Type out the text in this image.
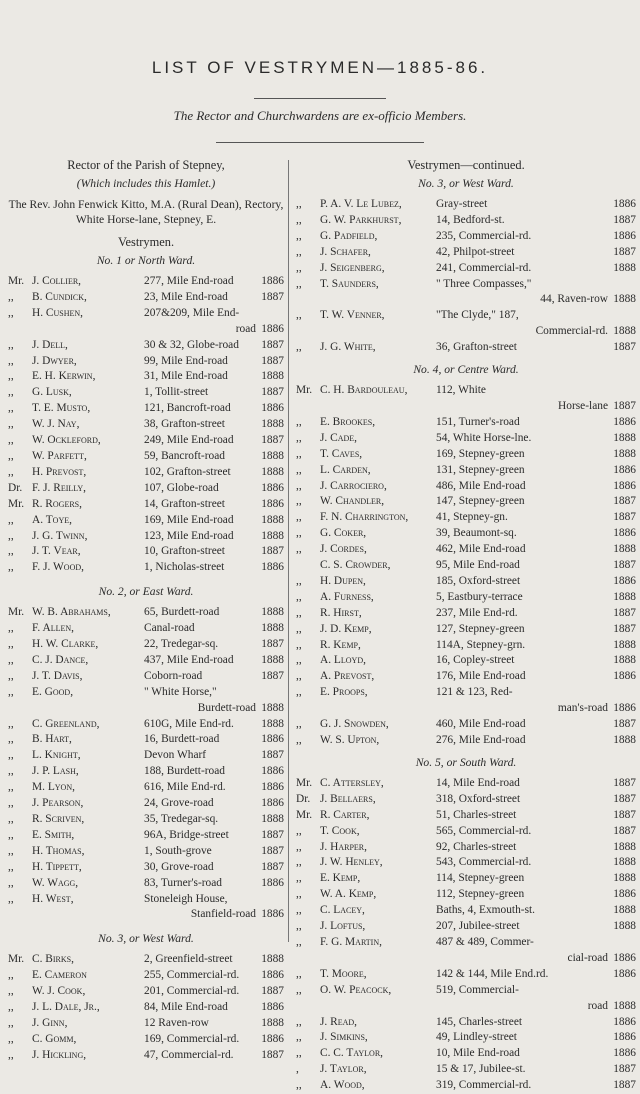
LIST OF VESTRYMEN—1885-86.
The Rector and Churchwardens are ex-officio Members.
Rector of the Parish of Stepney,
(Which includes this Hamlet.)
The Rev. John Fenwick Kitto, M.A. (Rural Dean), Rectory, White Horse-lane, Stepney, E.
Vestrymen.
No. 1 or North Ward.
Mr. J. Collier,	277, Mile End-road	1886
,,	B. Cundick,	23, Mile End-road	1887
,,	H. Cushen,	207&209, Mile End-
road 1886
,,	J. Dell,	30 & 32, Globe-road	1887
,,	J. Dwyer,	99, Mile End-road	1887
,,	E. H. Kerwin,	31, Mile End-road	1888
,,	G. Lusk,	1, Tollit-street	1887
,,	T. E. Musto,	121, Bancroft-road	1886
,,	W. J. Nay,	38, Grafton-street	1888
,,	W. Ockleford,	249, Mile End-road	1887
,,	W. Parfett,	59, Bancroft-road	1888
,,	H. Prevost,	102, Grafton-street	1888
Dr. F. J. Reilly,	107, Globe-road	1886
Mr. R. Rogers,	14, Grafton-street	1886
,,	A. Toye,	169, Mile End-road	1888
,,	J. G. Twinn,	123, Mile End-road	1888
,,	J. T. Vear,	10, Grafton-street	1887
,,	F. J. Wood,	1, Nicholas-street	1886
No. 2, or East Ward.
Mr. W. B. Abrahams,	65, Burdett-road	1888
,,	F. Allen,	Canal-road	1888
,,	H. W. Clarke,	22, Tredegar-sq.	1887
,,	C. J. Dance,	437, Mile End-road	1888
,,	J. T. Davis,	Coborn-road	1887
,,	E. Good,	" White Horse,"
Burdett-road 1888
,,	C. Greenland,	610G, Mile End-rd.	1888
,,	B. Hart,	16, Burdett-road	1886
,,	L. Knight,	Devon Wharf	1887
,,	J. P. Lash,	188, Burdett-road	1886
,,	M. Lyon,	616, Mile End-rd.	1886
,,	J. Pearson,	24, Grove-road	1886
,,	R. Scriven,	35, Tredegar-sq.	1888
,,	E. Smith,	96A, Bridge-street	1887
,,	H. Thomas,	1, South-grove	1887
,,	H. Tippett,	30, Grove-road	1887
,,	W. Wagg,	83, Turner's-road	1886
,,	H. West,	Stoneleigh House,
Stanfield-road 1886
No. 3, or West Ward.
Mr. C. Birks,	2, Greenfield-street	1888
,,	E. Cameron	255, Commercial-rd.	1886
,,	W. J. Cook,	201, Commercial-rd.	1887
,,	J. L. Dale, Jr.,	84, Mile End-road	1886
,,	J. Ginn,	12 Raven-row	1888
,,	C. Gomm,	169, Commercial-rd.	1886
,,	J. Hickling,	47, Commercial-rd.	1887
Vestrymen—continued.
No. 3, or West Ward.
,,	P. A. V. Le Lubez,	Gray-street	1886
,,	G. W. Parkhurst,	14, Bedford-st.	1887
,,	G. Padfield,	235, Commercial-rd.	1886
,,	J. Schafer,	42, Philpot-street	1887
,,	J. Seigenberg,	241, Commercial-rd.	1888
,,	T. Saunders,	" Three Compasses,"
44, Raven-row 1888
,,	T. W. Venner,	"The Clyde," 187,
Commercial-rd. 1888
,,	J. G. White,	36, Grafton-street	1887
No. 4, or Centre Ward.
Mr. C. H. Bardouleau,	112, White
Horse-lane 1887
,,	E. Brookes,	151, Turner's-road	1886
,,	J. Cade,	54, White Horse-lne.	1888
,,	T. Caves,	169, Stepney-green	1888
,,	L. Carden,	131, Stepney-green	1886
,,	J. Carrociero,	486, Mile End-road	1886
,,	W. Chandler,	147, Stepney-green	1887
,,	F. N. Charrington,	41, Stepney-gn.	1887
,,	G. Coker,	39, Beaumont-sq.	1886
,,	J. Cordes,	462, Mile End-road	1888
C. S. Crowder,	95, Mile End-road	1887
,,	H. Dupen,	185, Oxford-street	1886
,,	A. Furness,	5, Eastbury-terrace	1888
,,	R. Hirst,	237, Mile End-rd.	1887
,,	J. D. Kemp,	127, Stepney-green	1887
,,	R. Kemp,	114A, Stepney-grn.	1888
,,	A. Lloyd,	16, Copley-street	1888
,,	A. Prevost,	176, Mile End-road	1886
,,	E. Proops,	121 & 123, Red-
man's-road 1886
,,	G. J. Snowden,	460, Mile End-road	1887
,,	W. S. Upton,	276, Mile End-road	1888
No. 5, or South Ward.
Mr. C. Attersley,	14, Mile End-road	1887
Dr. J. Bellaers,	318, Oxford-street	1887
Mr. R. Carter,	51, Charles-street	1887
,,	T. Cook,	565, Commercial-rd.	1887
,,	J. Harper,	92, Charles-street	1888
,,	J. W. Henley,	543, Commercial-rd.	1888
,,	E. Kemp,	114, Stepney-green	1888
,,	W. A. Kemp,	112, Stepney-green	1886
,,	C. Lacey,	Baths, 4, Exmouth-st.	1888
,,	J. Loftus,	207, Jubilee-street	1888
,,	F. G. Martin,	487 & 489, Commer-
cial-road 1886
,,	T. Moore,	142 & 144, Mile End.rd.	1886
,,	O. W. Peacock,	519, Commercial-
road 1888
,,	J. Read,	145, Charles-street	1886
,,	J. Simkins,	49, Lindley-street	1886
,,	C. C. Taylor,	10, Mile End-road	1886
,	J. Taylor,	15 & 17, Jubilee-st.	1887
,,	A. Wood,	319, Commercial-rd.	1887
